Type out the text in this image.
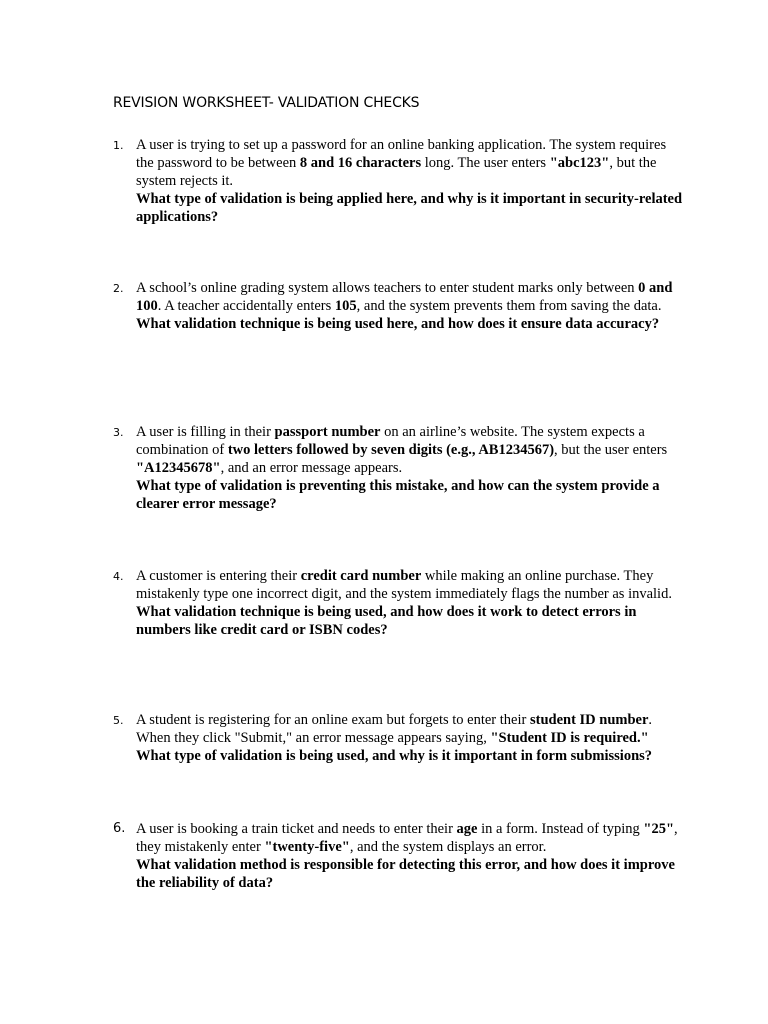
REVISION WORKSHEET- VALIDATION CHECKS
1. A user is trying to set up a password for an online banking application. The system requires the password to be between 8 and 16 characters long. The user enters "abc123", but the system rejects it.
What type of validation is being applied here, and why is it important in security-related applications?
2. A school’s online grading system allows teachers to enter student marks only between 0 and 100. A teacher accidentally enters 105, and the system prevents them from saving the data.
What validation technique is being used here, and how does it ensure data accuracy?
3. A user is filling in their passport number on an airline’s website. The system expects a combination of two letters followed by seven digits (e.g., AB1234567), but the user enters "A12345678", and an error message appears.
What type of validation is preventing this mistake, and how can the system provide a clearer error message?
4. A customer is entering their credit card number while making an online purchase. They mistakenly type one incorrect digit, and the system immediately flags the number as invalid.
What validation technique is being used, and how does it work to detect errors in numbers like credit card or ISBN codes?
5. A student is registering for an online exam but forgets to enter their student ID number. When they click "Submit," an error message appears saying, "Student ID is required."
What type of validation is being used, and why is it important in form submissions?
6. A user is booking a train ticket and needs to enter their age in a form. Instead of typing "25", they mistakenly enter "twenty-five", and the system displays an error.
What validation method is responsible for detecting this error, and how does it improve the reliability of data?
